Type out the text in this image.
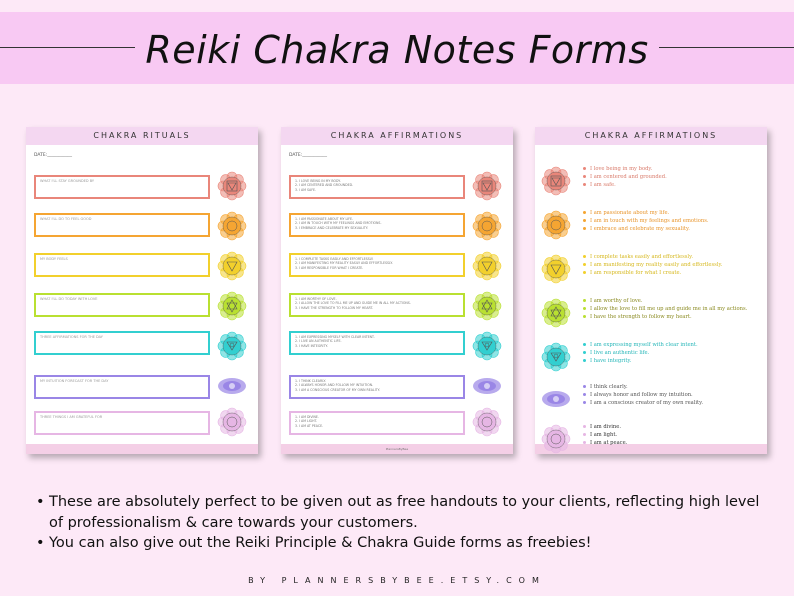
Reiki Chakra Notes Forms
CHAKRA RITUALS
DATE:___________
WHAT I'LL STAY GROUNDED BY
WHAT I'LL DO TO FEEL GOOD
MY BODY FEELS
WHAT I'LL DO TODAY WITH LOVE
THREE AFFIRMATIONS FOR THE DAY
MY INTUITION FORECAST FOR THE DAY
THREE THINGS I AM GRATEFUL FOR
CHAKRA AFFIRMATIONS
DATE:___________
PlannersByBee
1. I LOVE BEING IN MY BODY.
2. I AM CENTERED AND GROUNDED.
3. I AM SAFE.
1. I AM PASSIONATE ABOUT MY LIFE.
2. I AM IN TOUCH WITH MY FEELINGS AND EMOTIONS.
3. I EMBRACE AND CELEBRATE MY SEXUALITY.
1. I COMPLETE TASKS EASILY AND EFFORTLESSLY.
2. I AM MANIFESTING MY REALITY EASILY AND EFFORTLESSLY.
3. I AM RESPONSIBLE FOR WHAT I CREATE.
1. I AM WORTHY OF LOVE.
2. I ALLOW THE LOVE TO FILL ME UP AND GUIDE ME IN ALL MY ACTIONS.
3. I HAVE THE STRENGTH TO FOLLOW MY HEART.
1. I AM EXPRESSING MYSELF WITH CLEAR INTENT.
2. I LIVE AN AUTHENTIC LIFE.
3. I HAVE INTEGRITY.
1. I THINK CLEARLY.
2. I ALWAYS HONOR AND FOLLOW MY INTUITION.
3. I AM A CONSCIOUS CREATOR OF MY OWN REALITY.
1. I AM DIVINE.
2. I AM LIGHT.
3. I AM AT PEACE.
CHAKRA AFFIRMATIONS
I love being in my body.
I am centered and grounded.
I am safe.
I am passionate about my life.
I am in touch with my feelings and emotions.
I embrace and celebrate my sexuality.
I complete tasks easily and effortlessly.
I am manifesting my reality easily and effortlessly.
I am responsible for what I create.
I am worthy of love.
I allow the love to fill me up and guide me in all my actions.
I have the strength to follow my heart.
I am expressing myself with clear intent.
I live an authentic life.
I have integrity.
I think clearly.
I always honor and follow my intuition.
I am a conscious creator of my own reality.
I am divine.
I am light.
I am at peace.
• These are absolutely perfect to be given out as free handouts to your clients, reflecting high level of professionalism & care towards your customers.
• You can also give out the Reiki Principle & Chakra Guide forms as freebies!
BY PLANNERSBYBEE.ETSY.COM
